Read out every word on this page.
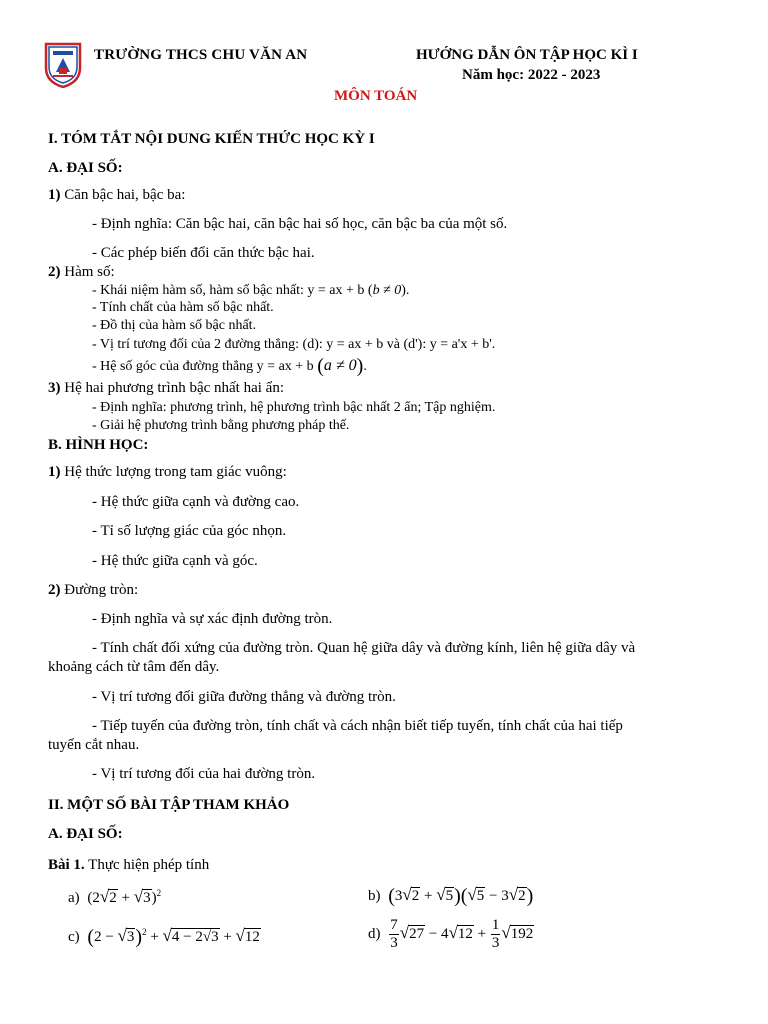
TRƯỜNG THCS CHU VĂN AN	HƯỚNG DẪN ÔN TẬP HỌC KÌ I
Năm học: 2022 - 2023
MÔN TOÁN
I. TÓM TẮT NỘI DUNG KIẾN THỨC HỌC KỲ I
A. ĐẠI SỐ:
1) Căn bậc hai, bậc ba:
- Định nghĩa: Căn bậc hai, căn bậc hai số học, căn bậc ba của một số.
- Các phép biến đổi căn thức bậc hai.
2) Hàm số:
- Khái niệm hàm số, hàm số bậc nhất: y = ax + b (b ≠ 0).
- Tính chất của hàm số bậc nhất.
- Đồ thị của hàm số bậc nhất.
- Vị trí tương đối của 2 đường thẳng: (d): y = ax + b và (d'): y = a'x + b'.
- Hệ số góc của đường thẳng y = ax + b (a ≠ 0).
3) Hệ hai phương trình bậc nhất hai ẩn:
- Định nghĩa: phương trình, hệ phương trình bậc nhất 2 ẩn; Tập nghiệm.
- Giải hệ phương trình bằng phương pháp thế.
B. HÌNH HỌC:
1) Hệ thức lượng trong tam giác vuông:
- Hệ thức giữa cạnh và đường cao.
- Tỉ số lượng giác của góc nhọn.
- Hệ thức giữa cạnh và góc.
2) Đường tròn:
- Định nghĩa và sự xác định đường tròn.
- Tính chất đối xứng của đường tròn. Quan hệ giữa dây và đường kính, liên hệ giữa dây và
khoảng cách từ tâm đến dây.
- Vị trí tương đối giữa đường thẳng và đường tròn.
- Tiếp tuyến của đường tròn, tính chất và cách nhận biết tiếp tuyến, tính chất của hai tiếp
tuyến cắt nhau.
- Vị trí tương đối của hai đường tròn.
II. MỘT SỐ BÀI TẬP THAM KHẢO
A. ĐẠI SỐ:
Bài 1. Thực hiện phép tính
a) $(2√2 + √3)^2$	b) (3√2 + √5)(√5 − 3√2)
c) $(2 - √3)^2 + √4 - 2√3 + √12$	$d) \frac{7}{3} √27 - 4√12 + \frac{1}{3} √192$
